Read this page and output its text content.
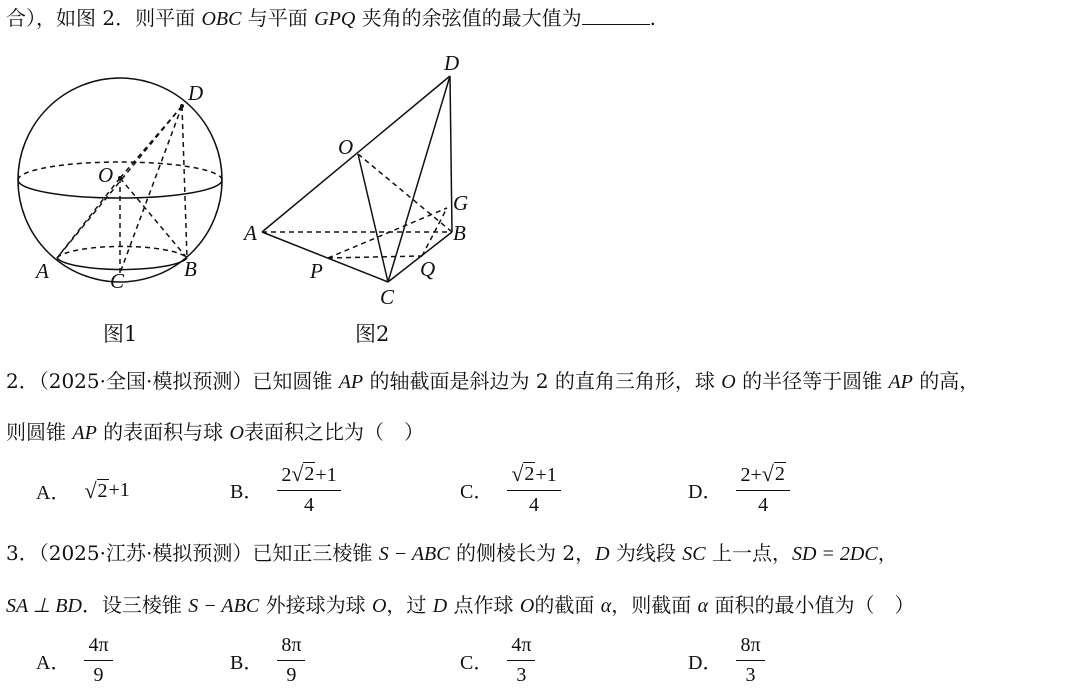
合），如图 2．则平面 OBC 与平面 GPQ 夹角的余弦值的最大值为	.
D
O
A	C	B
图1
D
O
G
A	B
P	Q
C
图2
2．（2025·全国·模拟预测）已知圆锥 AP 的轴截面是斜边为 2 的直角三角形，球 O 的半径等于圆锥 AP 的高，
则圆锥 AP 的表面积与球 O表面积之比为（　）
A． √ 2 +1	B． $\frac{2 √ 2 +1}{4}$	C． $\frac{√ 2 +1}{4}$	D． $\frac{2+ √ 2}{4}$
3．（2025·江苏·模拟预测）已知正三棱锥 S − ABC 的侧棱长为 2，D 为线段 SC 上一点，SD = 2DC，
SA ⊥ BD．设三棱锥 S − ABC 外接球为球 O，过 D 点作球 O的截面 α，则截面 α 面积的最小值为（　）
A． $\frac{4\pi}{9}$	B． $\frac{8\pi}{9}$	C． $\frac{4\pi}{3}$	D． $\frac{8\pi}{3}$
